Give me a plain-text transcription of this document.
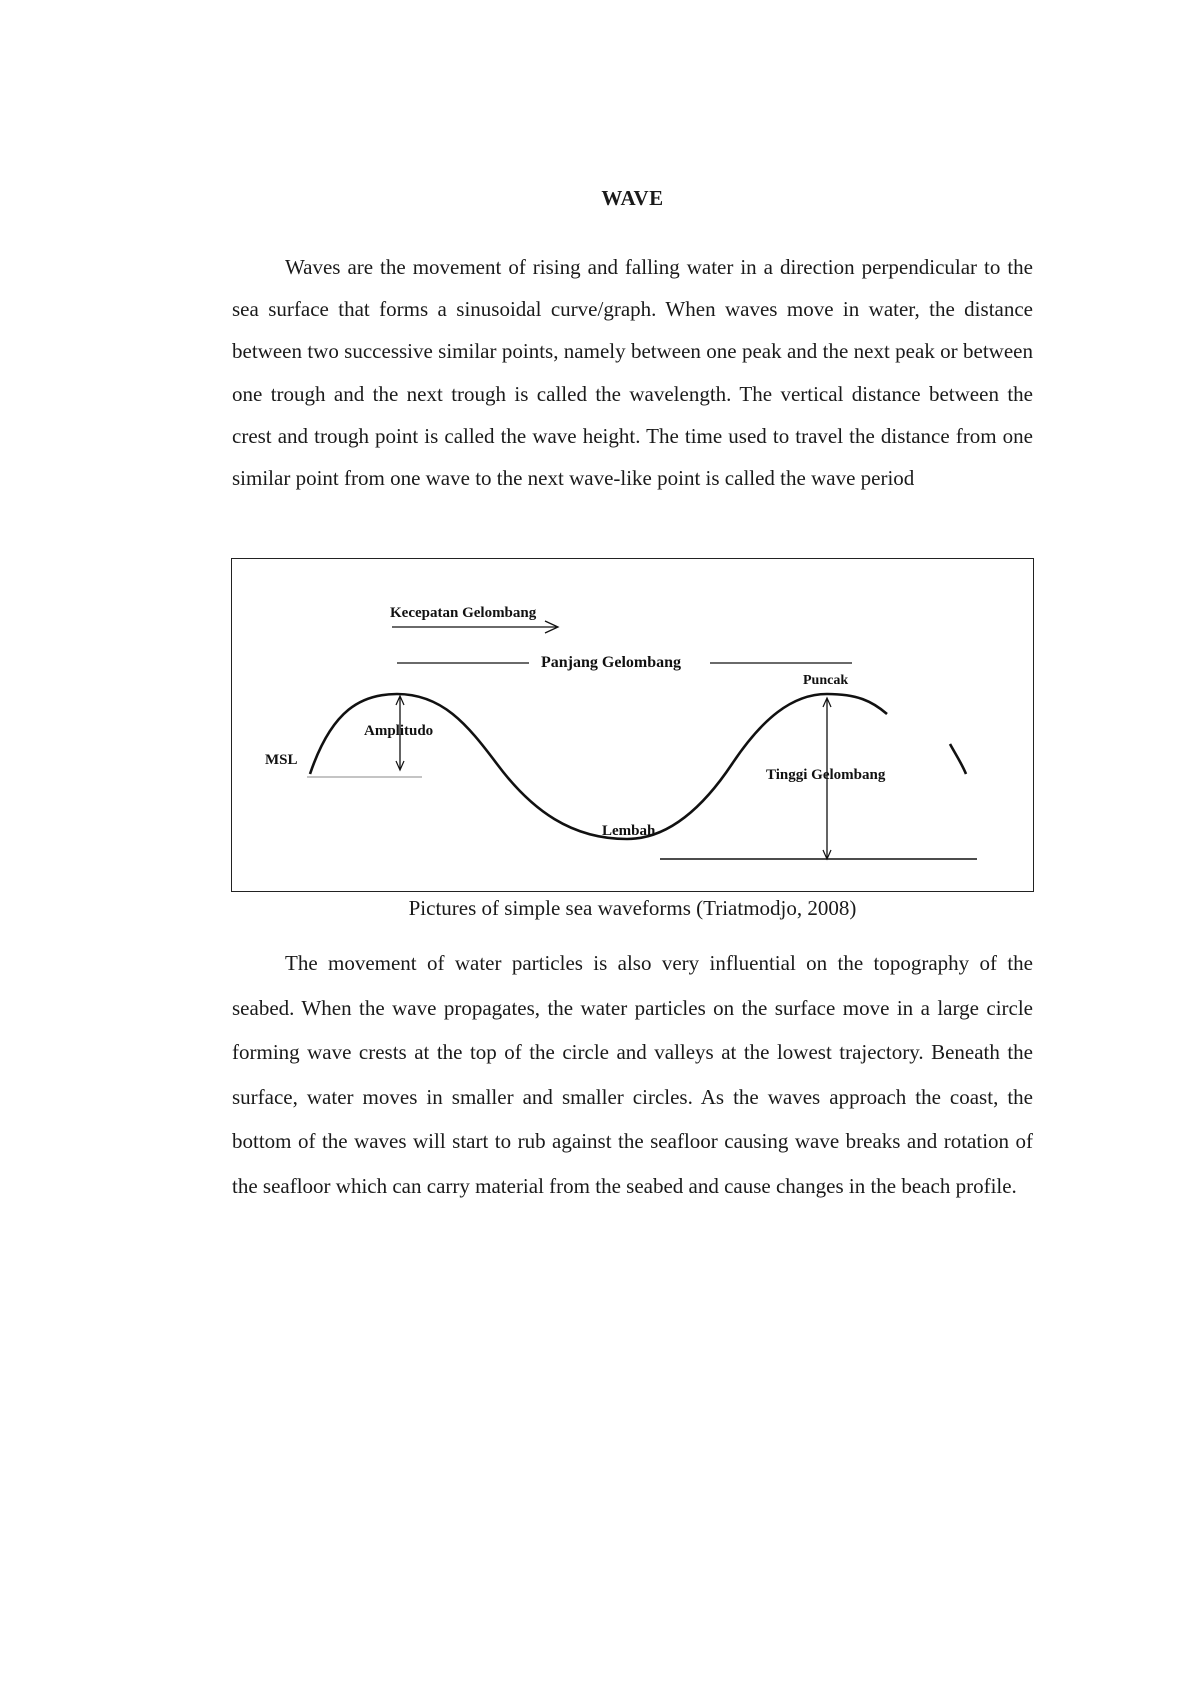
WAVE

Waves are the movement of rising and falling water in a direction perpendicular to the sea surface that forms a sinusoidal curve/graph. When waves move in water, the distance between two successive similar points, namely between one peak and the next peak or between one trough and the next trough is called the wavelength. The vertical distance between the crest and trough point is called the wave height. The time used to travel the distance from one similar point from one wave to the next wave-like point is called the wave period

Kecepatan Gelombang
Panjang Gelombang
MSL
Amplitudo
Puncak
Tinggi Gelombang
Lembah
Pictures of simple sea waveforms (Triatmodjo, 2008)

The movement of water particles is also very influential on the topography of the seabed. When the wave propagates, the water particles on the surface move in a large circle forming wave crests at the top of the circle and valleys at the lowest trajectory. Beneath the surface, water moves in smaller and smaller circles. As the waves approach the coast, the bottom of the waves will start to rub against the seafloor causing wave breaks and rotation of the seafloor which can carry material from the seabed and cause changes in the beach profile.
